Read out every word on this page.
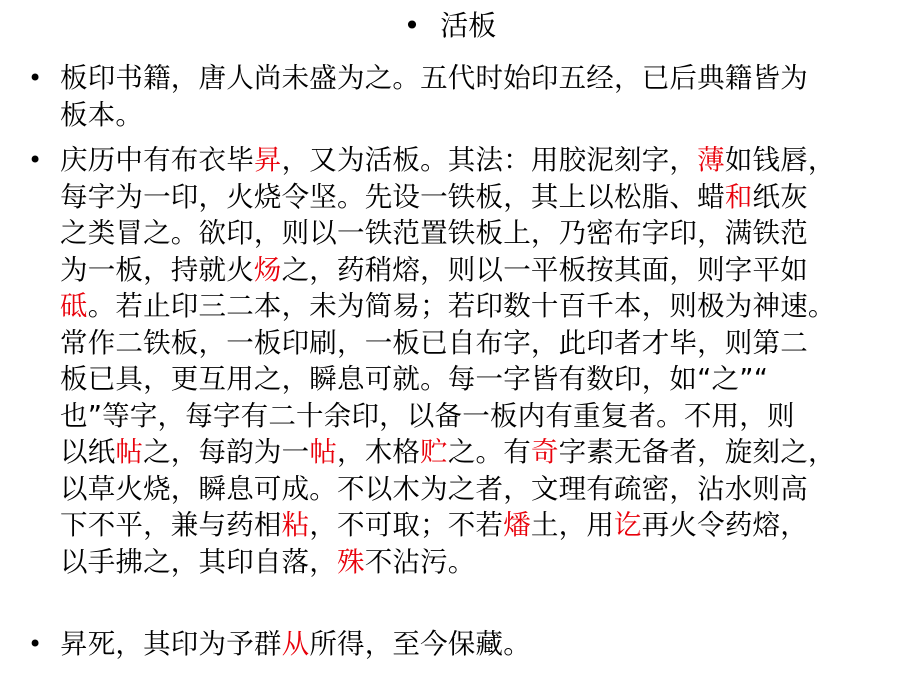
• 活板
• 板印书籍，唐人尚未盛为之。五代时始印五经，已后典籍皆为
板本。
• 庆历中有布衣毕昇，又为活板。其法：用胶泥刻字，薄如钱唇，
每字为一印，火烧令坚。先设一铁板，其上以松脂、蜡和纸灰
之类冒之。欲印，则以一铁范置铁板上，乃密布字印，满铁范
为一板，持就火炀之，药稍熔，则以一平板按其面，则字平如
砥。若止印三二本，未为简易；若印数十百千本，则极为神速。
常作二铁板，一板印刷，一板已自布字，此印者才毕，则第二
板已具，更互用之，瞬息可就。每一字皆有数印，如“之”“
也”等字，每字有二十余印，以备一板内有重复者。不用，则
以纸帖之，每韵为一帖，木格贮之。有奇字素无备者，旋刻之，
以草火烧，瞬息可成。不以木为之者，文理有疏密，沾水则高
下不平，兼与药相粘，不可取；不若燔土，用讫再火令药熔，
以手拂之，其印自落，殊不沾污。
• 昇死，其印为予群从所得，至今保藏。
